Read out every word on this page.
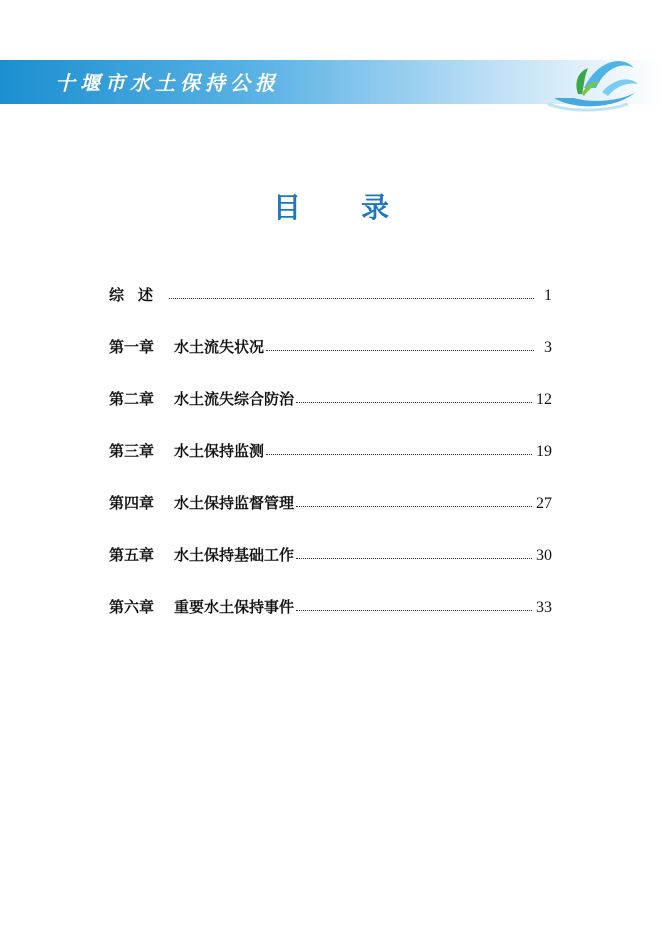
十堰市水土保持公报
目录
综述	1
第一章 水土流失状况	3
第二章 水土流失综合防治	12
第三章 水土保持监测	19
第四章 水土保持监督管理	27
第五章 水土保持基础工作	30
第六章 重要水土保持事件	33
